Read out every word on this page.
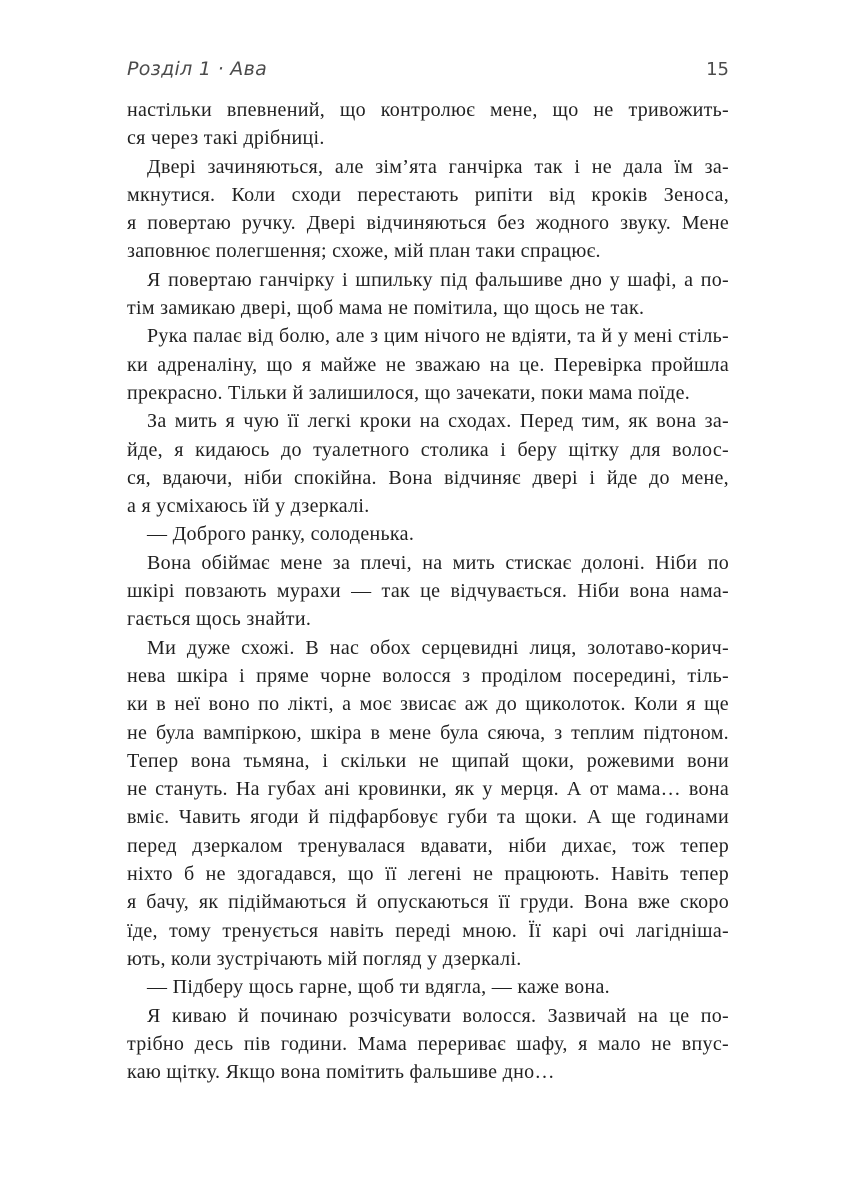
Розділ 1 · Ава	15
настільки впевнений, що контролює мене, що не тривожить-
ся через такі дрібниці.
Двері зачиняються, але зім’ята ганчірка так і не дала їм за-
мкнутися. Коли сходи перестають рипіти від кроків Зеноса,
я повертаю ручку. Двері відчиняються без жодного звуку. Мене
заповнює полегшення; схоже, мій план таки спрацює.
Я повертаю ганчірку і шпильку під фальшиве дно у шафі, а по-
тім замикаю двері, щоб мама не помітила, що щось не так.
Рука палає від болю, але з цим нічого не вдіяти, та й у мені стіль-
ки адреналіну, що я майже не зважаю на це. Перевірка пройшла
прекрасно. Тільки й залишилося, що зачекати, поки мама поїде.
За мить я чую її легкі кроки на сходах. Перед тим, як вона за-
йде, я кидаюсь до туалетного столика і беру щітку для волос-
ся, вдаючи, ніби спокійна. Вона відчиняє двері і йде до мене,
а я усміхаюсь їй у дзеркалі.
— Доброго ранку, солоденька.
Вона обіймає мене за плечі, на мить стискає долоні. Ніби по
шкірі повзають мурахи — так це відчувається. Ніби вона нама-
гається щось знайти.
Ми дуже схожі. В нас обох серцевидні лиця, золотаво-корич-
нева шкіра і пряме чорне волосся з проділом посередині, тіль-
ки в неї воно по лікті, а моє звисає аж до щиколоток. Коли я ще
не була вампіркою, шкіра в мене була сяюча, з теплим підтоном.
Тепер вона тьмяна, і скільки не щипай щоки, рожевими вони
не стануть. На губах ані кровинки, як у мерця. А от мама… вона
вміє. Чавить ягоди й підфарбовує губи та щоки. А ще годинами
перед дзеркалом тренувалася вдавати, ніби дихає, тож тепер
ніхто б не здогадався, що її легені не працюють. Навіть тепер
я бачу, як підіймаються й опускаються її груди. Вона вже скоро
їде, тому тренується навіть переді мною. Її карі очі лагідніша-
ють, коли зустрічають мій погляд у дзеркалі.
— Підберу щось гарне, щоб ти вдягла, — каже вона.
Я киваю й починаю розчісувати волосся. Зазвичай на це по-
трібно десь пів години. Мама перериває шафу, я мало не впус-
каю щітку. Якщо вона помітить фальшиве дно…
